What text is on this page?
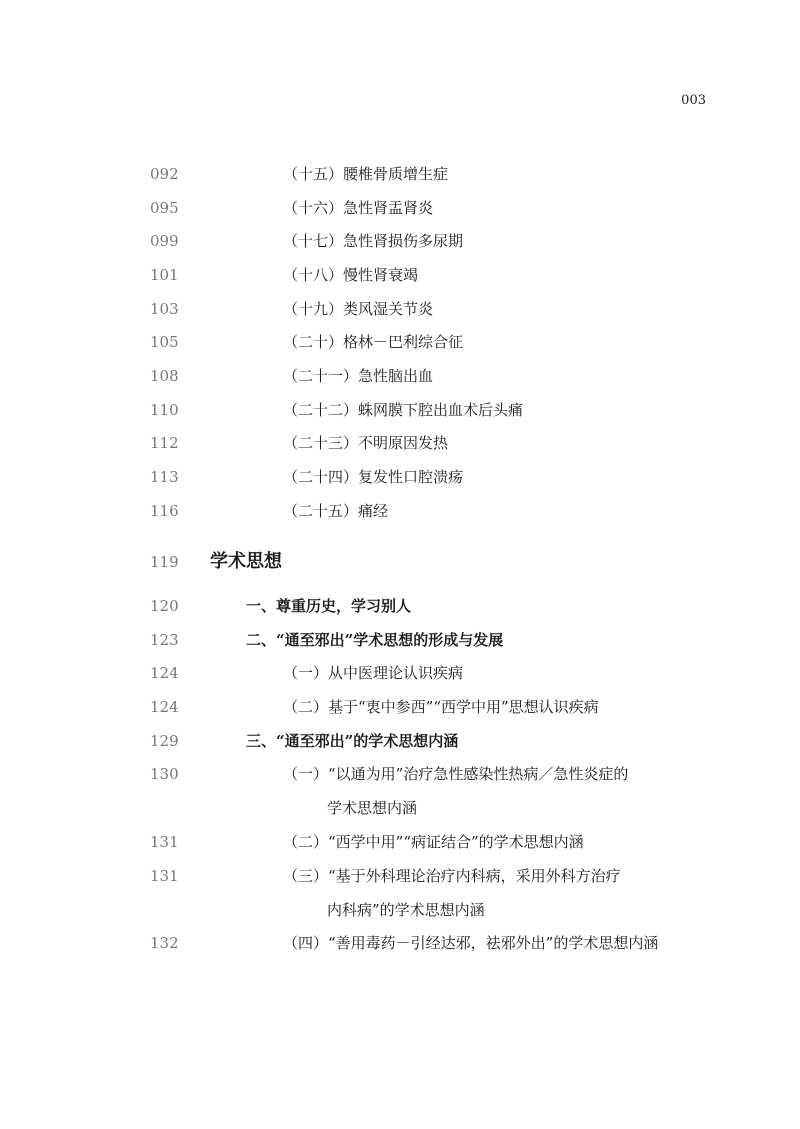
003
092	（十五）腰椎骨质增生症
095	（十六）急性肾盂肾炎
099	（十七）急性肾损伤多尿期
101	（十八）慢性肾衰竭
103	（十九）类风湿关节炎
105	（二十）格林－巴利综合征
108	（二十一）急性脑出血
110	（二十二）蛛网膜下腔出血术后头痛
112	（二十三）不明原因发热
113	（二十四）复发性口腔溃疡
116	（二十五）痛经
119 学术思想
120	一、尊重历史，学习别人
123	二、“通至邪出”学术思想的形成与发展
124	（一）从中医理论认识疾病
124	（二）基于“衷中参西”“西学中用”思想认识疾病
129	三、“通至邪出”的学术思想内涵
130	（一）“以通为用”治疗急性感染性热病／急性炎症的
学术思想内涵
131	（二）“西学中用”“病证结合”的学术思想内涵
131	（三）“基于外科理论治疗内科病，采用外科方治疗
内科病”的学术思想内涵
132	（四）“善用毒药－引经达邪，祛邪外出”的学术思想内涵
